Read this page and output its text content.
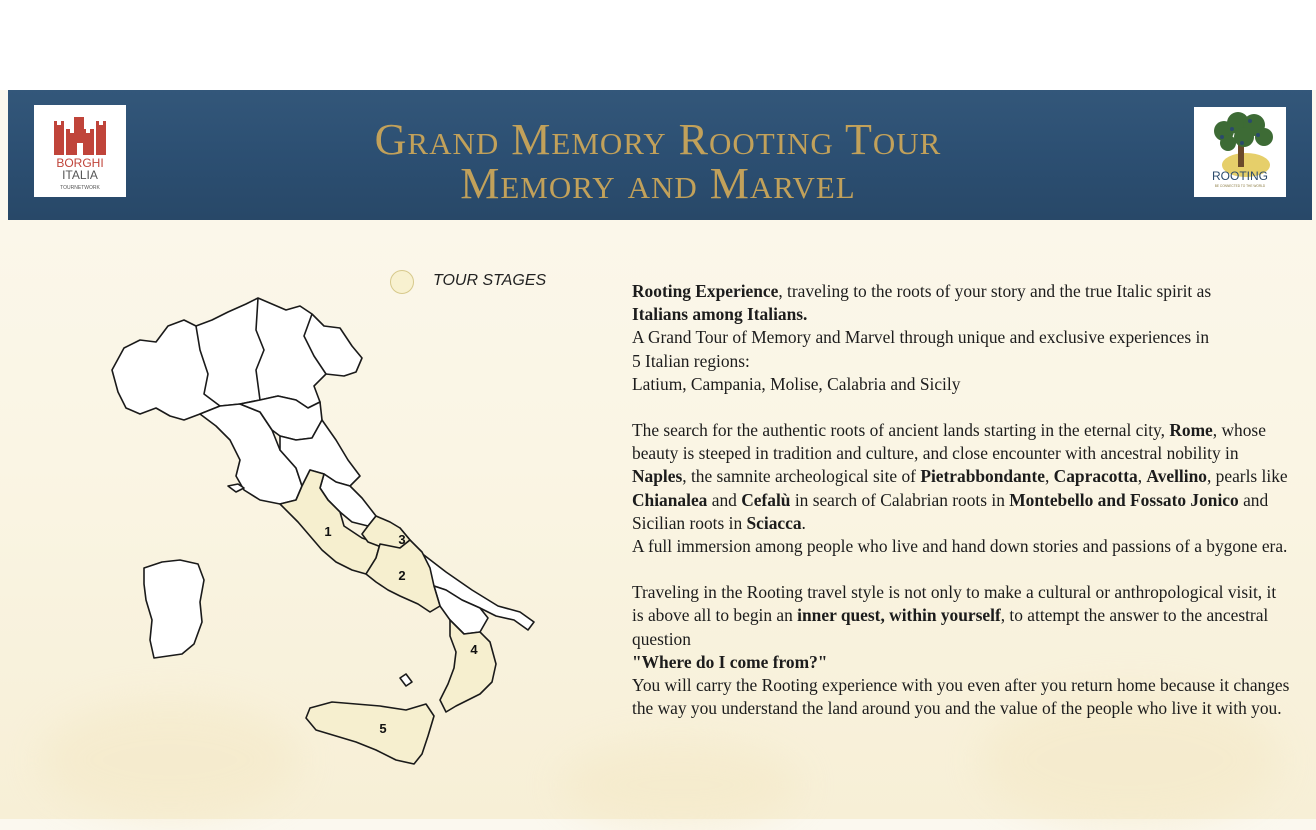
BORGHI
ITALIA
TOURNETWORK
Grand Memory Rooting Tour
Memory and Marvel	ROOTING
BE CONNECTED TO THE WORLD
TOUR STAGES
1
2
3
4
5

Rooting Experience, traveling to the roots of your story and the true Italic spirit as
Italians among Italians.
A Grand Tour of Memory and Marvel through unique and exclusive experiences in
5 Italian regions:
Latium, Campania, Molise, Calabria and Sicily

The search for the authentic roots of ancient lands starting in the eternal city, Rome, whose beauty is steeped in tradition and culture, and close encounter with ancestral nobility in Naples, the samnite archeological site of Pietrabbondante, Capracotta, Avellino, pearls like Chianalea and Cefalù in search of Calabrian roots in Montebello and Fossato Jonico and Sicilian roots in Sciacca.
A full immersion among people who live and hand down stories and passions of a bygone era.

Traveling in the Rooting travel style is not only to make a cultural or anthropological visit, it is above all to begin an inner quest, within yourself, to attempt the answer to the ancestral question
"Where do I come from?"
You will carry the Rooting experience with you even after you return home because it changes the way you understand the land around you and the value of the people who live it with you.
